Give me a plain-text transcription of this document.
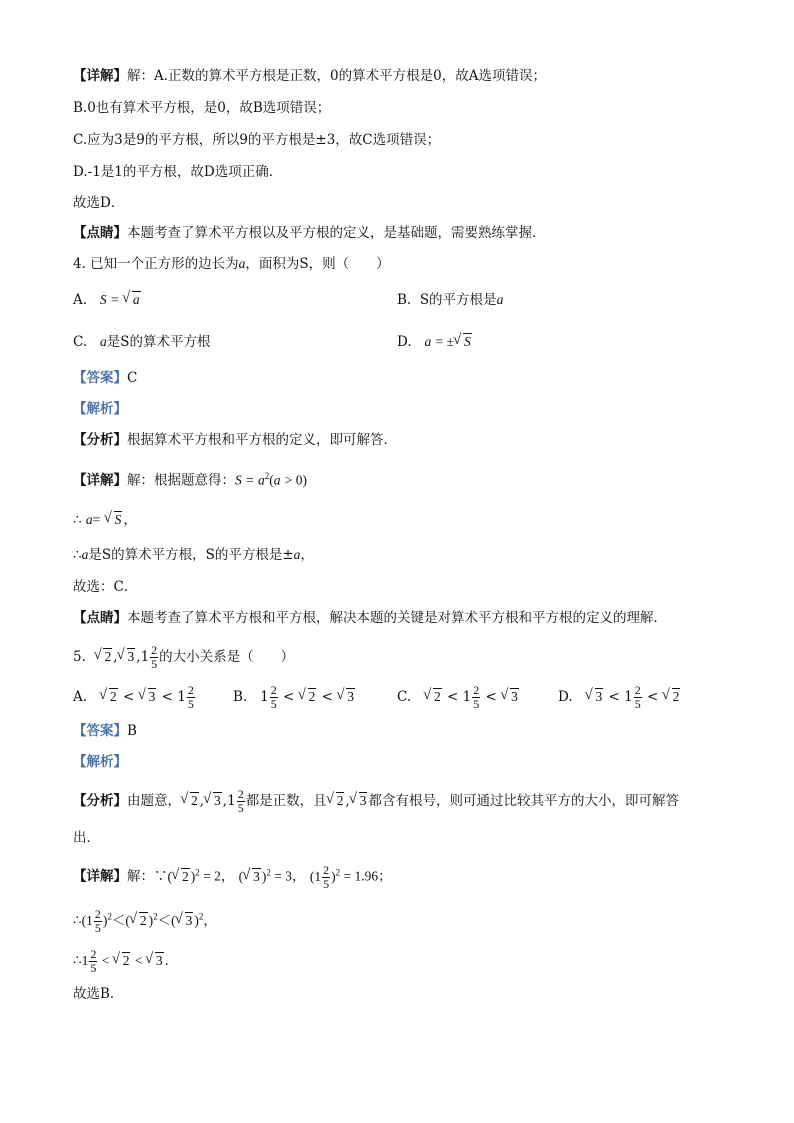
【详解】解：A.正数的算术平方根是正数，0的算术平方根是0，故A选项错误；
B.0也有算术平方根，是0，故B选项错误；
C.应为3是9的平方根，所以9的平方根是±3，故C选项错误；
D.-1是1的平方根，故D选项正确．
故选D．
【点睛】本题考查了算术平方根以及平方根的定义，是基础题，需要熟练掌握．
4. 已知一个正方形的边长为a，面积为S，则（　　）
A. S = √ a	B. S的平方根是a
C. a是S的算术平方根	D. a = ±√ S
【答案】C
【解析】
【分析】根据算术平方根和平方根的定义，即可解答．
【详解】解：根据题意得：$S = a^2(a > 0)$
∴ a= √ S ，
∴a是S的算术平方根，S的平方根是±a，
故选：C．
【点睛】本题考查了算术平方根和平方根，解决本题的关键是对算术平方根和平方根的定义的理解．
5.  √ 2 ,√ 3 $,1 \frac{2}{5}$ 的大小关系是（　　）
A.   √ 2 < √ $3 < 1 \frac{2}{5}$	B.   $1 \frac{2}{5}$ < √ 2 < √ 3	C.   √ $2 < 1 \frac{2}{5}$ < √ 3	D.   √ $3 < 1 \frac{2}{5}$ < √ 2
【答案】B
【解析】
【分析】由题意，√ 2 ,√ 3 $,1 \frac{2}{5}$ 都是正数，且√ 2 ,√ 3 都含有根号，则可通过比较其平方的大小，即可解答
出．
【详解】解：∵(√ 2 )$^2$ = 2， (√ 3 )$^2$ = 3， $(1 \frac{2}{5} )^2 = 1.96$；
∴(1 $\frac{2}{5} )^2<(√$ 2 )$^2$＜(√ 3 )$^2$，
∴1 $\frac{2}{5}$ < √ 2 < √ 3 ．
故选B．
